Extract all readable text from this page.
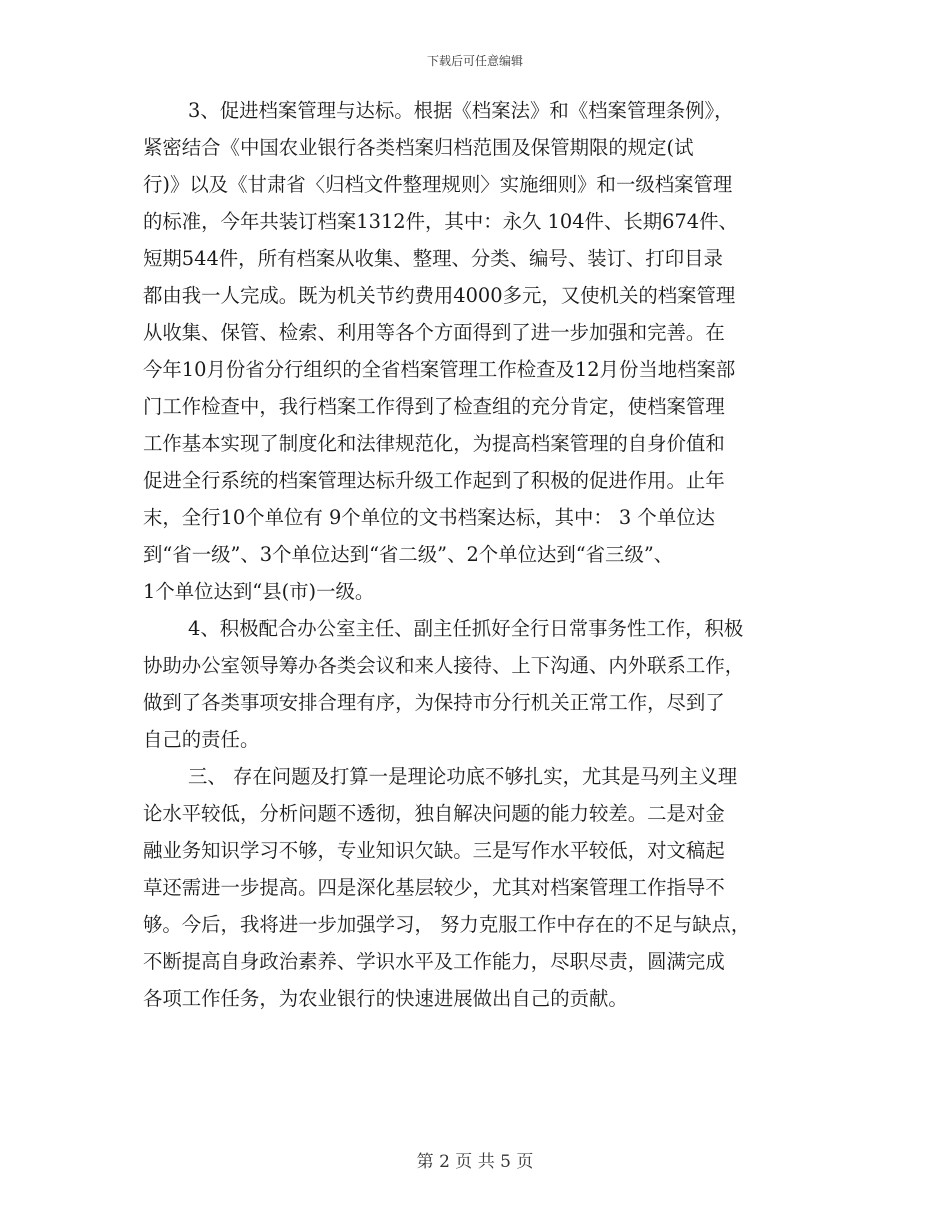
下载后可任意编辑
3、促进档案管理与达标。根据《档案法》和《档案管理条例》，
紧密结合《中国农业银行各类档案归档范围及保管期限的规定(试
行)》以及《甘肃省〈归档文件整理规则〉实施细则》和一级档案管理
的标准，今年共装订档案1312件，其中：永久 104件、长期674件、
短期544件，所有档案从收集、整理、分类、编号、装订、打印目录
都由我一人完成。既为机关节约费用4000多元，又使机关的档案管理
从收集、保管、检索、利用等各个方面得到了进一步加强和完善。在
今年10月份省分行组织的全省档案管理工作检查及12月份当地档案部
门工作检查中，我行档案工作得到了检查组的充分肯定，使档案管理
工作基本实现了制度化和法律规范化，为提高档案管理的自身价值和
促进全行系统的档案管理达标升级工作起到了积极的促进作用。止年
末，全行10个单位有 9个单位的文书档案达标，其中： 3 个单位达
到“省一级”、3个单位达到“省二级”、2个单位达到“省三级”、
1个单位达到“县(市)一级。
4、积极配合办公室主任、副主任抓好全行日常事务性工作，积极
协助办公室领导筹办各类会议和来人接待、上下沟通、内外联系工作，
做到了各类事项安排合理有序，为保持市分行机关正常工作，尽到了
自己的责任。
三、 存在问题及打算一是理论功底不够扎实，尤其是马列主义理
论水平较低，分析问题不透彻，独自解决问题的能力较差。二是对金
融业务知识学习不够，专业知识欠缺。三是写作水平较低，对文稿起
草还需进一步提高。四是深化基层较少，尤其对档案管理工作指导不
够。今后，我将进一步加强学习， 努力克服工作中存在的不足与缺点，
不断提高自身政治素养、学识水平及工作能力，尽职尽责，圆满完成
各项工作任务，为农业银行的快速进展做出自己的贡献。
第 2 页 共 5 页
